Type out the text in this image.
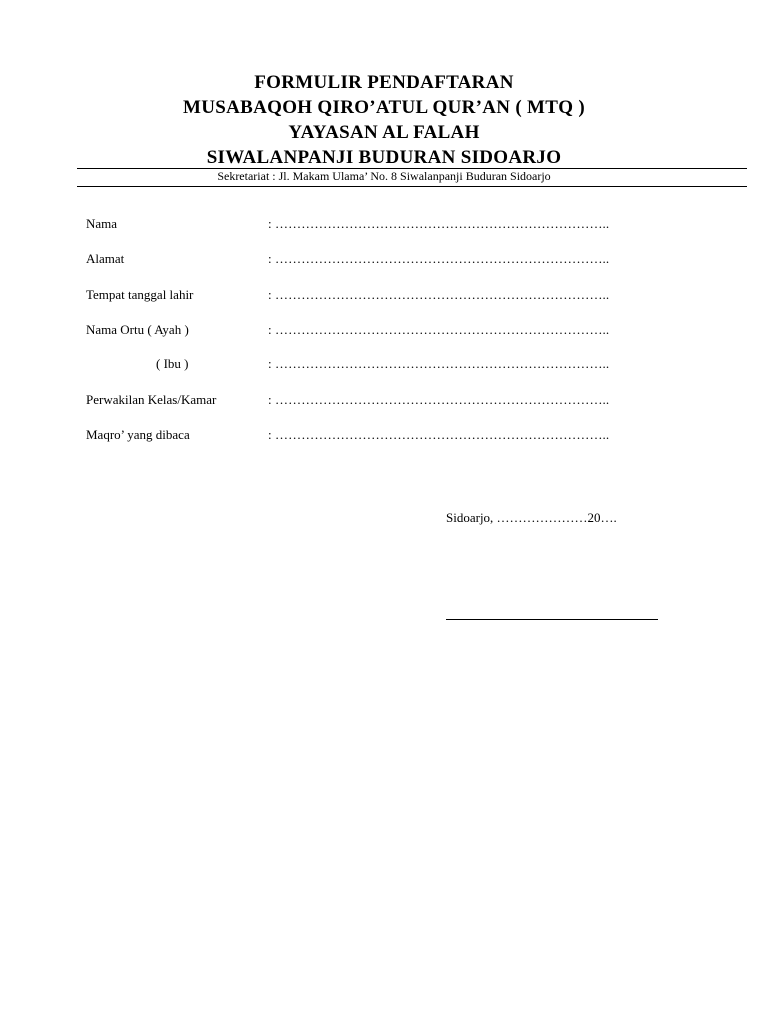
FORMULIR PENDAFTARAN
MUSABAQOH QIRO’ATUL QUR’AN ( MTQ )
YAYASAN AL FALAH
SIWALANPANJI BUDURAN SIDOARJO
Sekretariat : Jl. Makam Ulama’ No. 8 Siwalanpanji Buduran Sidoarjo
Nama	: …………………………………………………………………..
Alamat	: …………………………………………………………………..
Tempat tanggal lahir	: …………………………………………………………………..
Nama Ortu ( Ayah )	: …………………………………………………………………..
( Ibu )	: …………………………………………………………………..
Perwakilan Kelas/Kamar	: …………………………………………………………………..
Maqro’ yang dibaca	: …………………………………………………………………..
Sidoarjo, …………………20….
